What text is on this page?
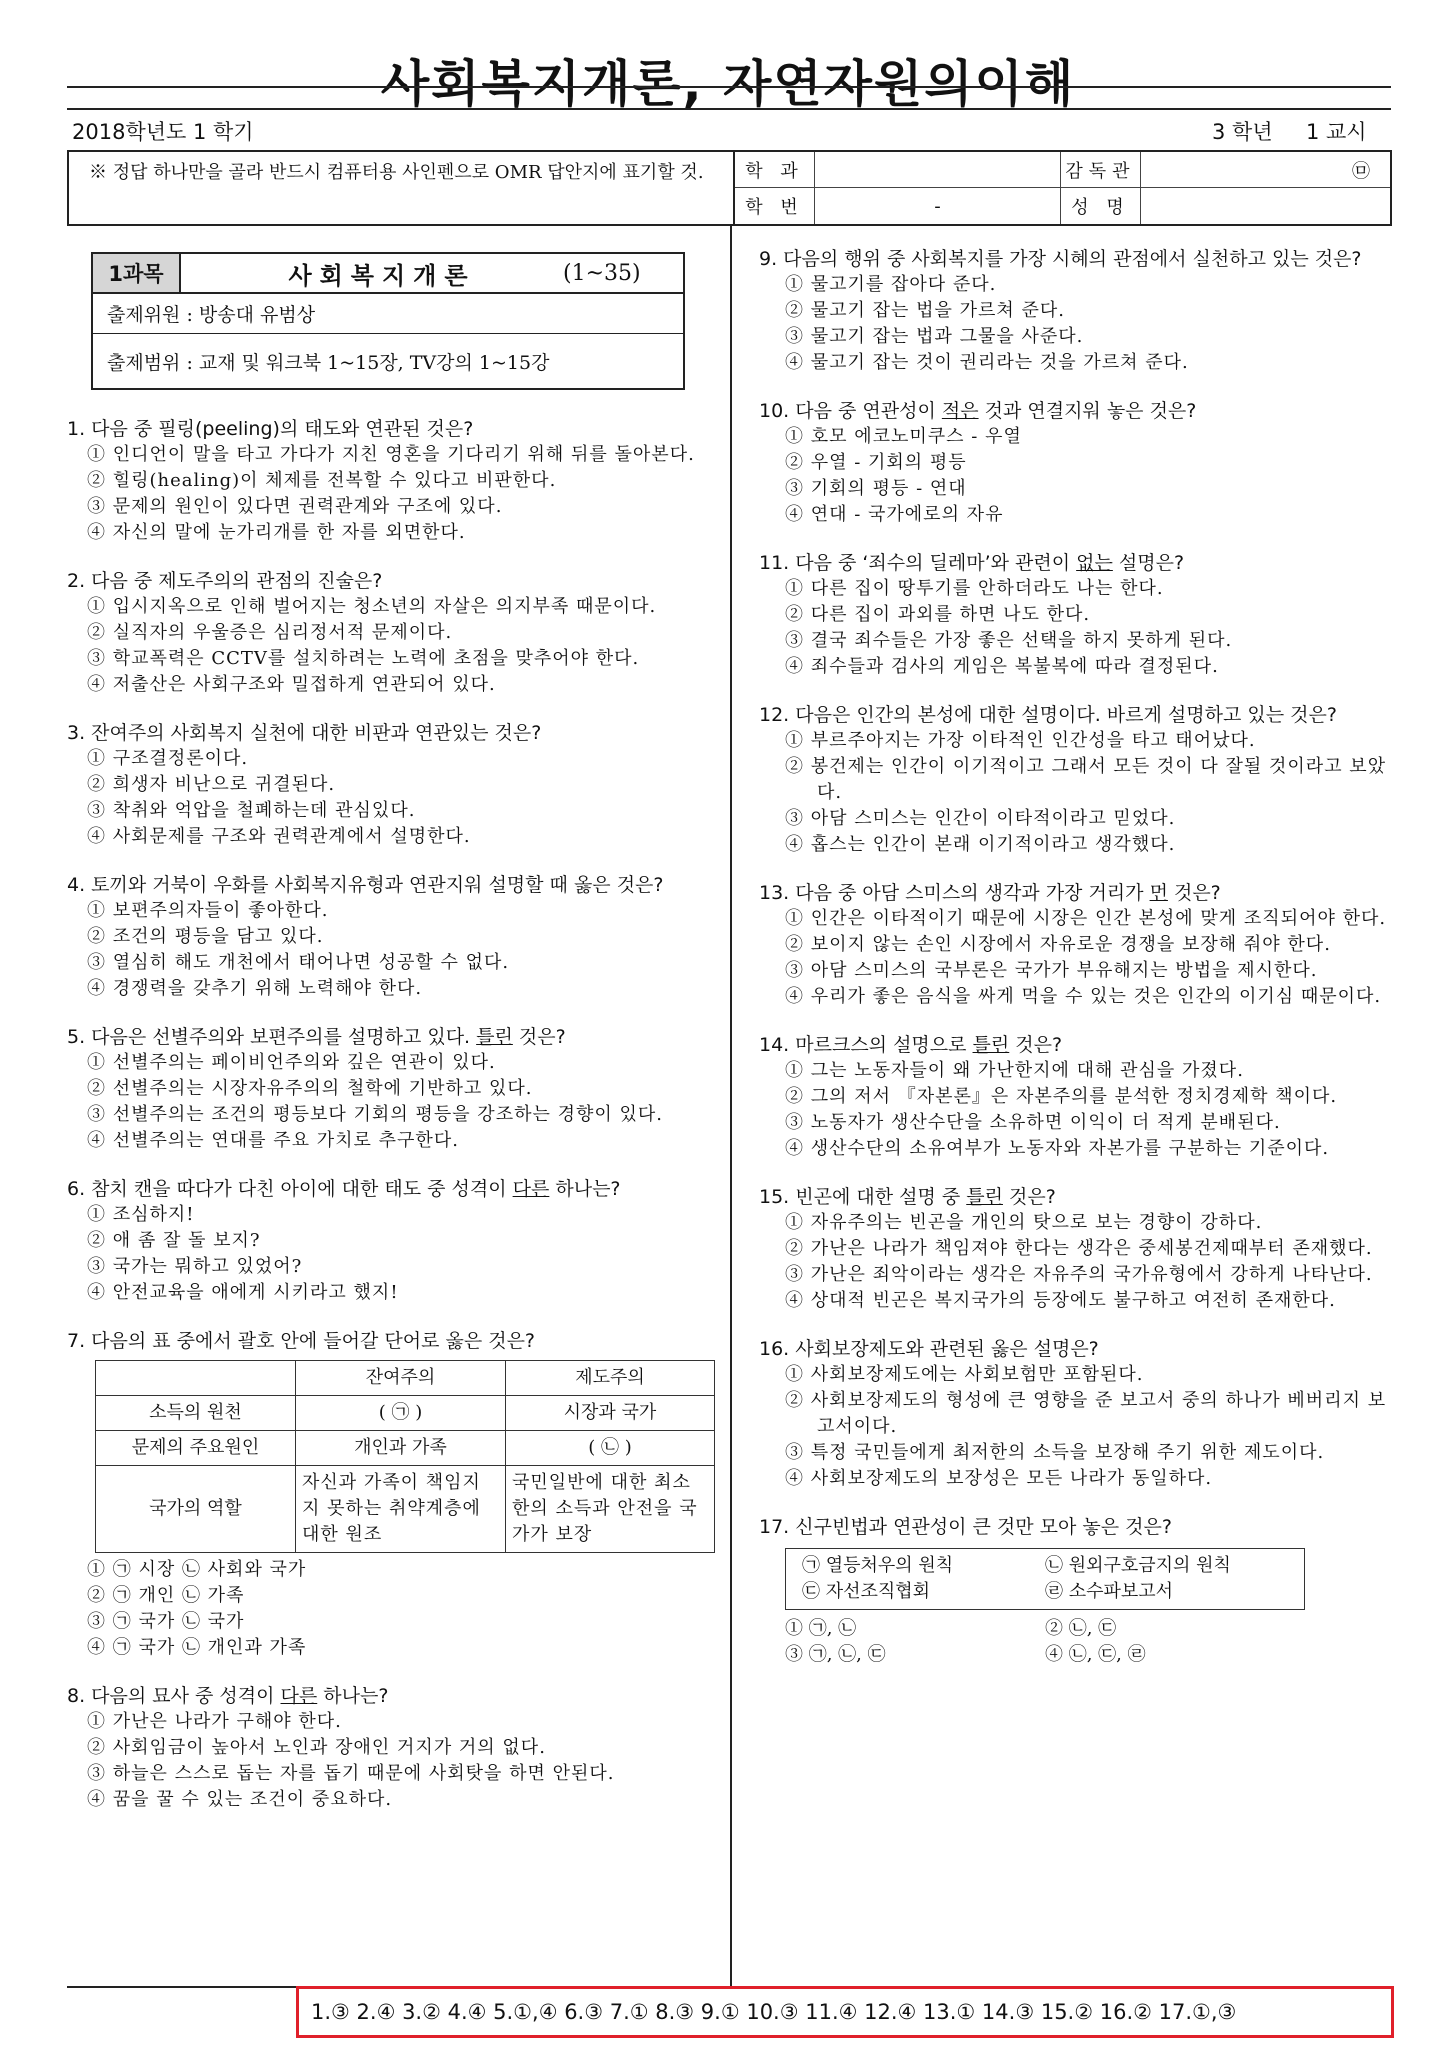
사회복지개론, 자연자원의이해
2018학년도 1 학기	3 학년     1 교시
※ 정답 하나만을 골라 반드시 컴퓨터용 사인펜으로 OMR 답안지에 표기할 것.	학 과	감독관	㉤
학 번	-	성 명
1과목	사회복지개론	(1~35)
출제위원 : 방송대 유범상
출제범위 : 교재 및 워크북 1~15장, TV강의 1~15강
1. 다음 중 필링(peeling)의 태도와 연관된 것은?
① 인디언이 말을 타고 가다가 지친 영혼을 기다리기 위해 뒤를 돌아본다.
② 힐링(healing)이 체제를 전복할 수 있다고 비판한다.
③ 문제의 원인이 있다면 권력관계와 구조에 있다.
④ 자신의 말에 눈가리개를 한 자를 외면한다.
2. 다음 중 제도주의의 관점의 진술은?
① 입시지옥으로 인해 벌어지는 청소년의 자살은 의지부족 때문이다.
② 실직자의 우울증은 심리정서적 문제이다.
③ 학교폭력은 CCTV를 설치하려는 노력에 초점을 맞추어야 한다.
④ 저출산은 사회구조와 밀접하게 연관되어 있다.
3. 잔여주의 사회복지 실천에 대한 비판과 연관있는 것은?
① 구조결정론이다.
② 희생자 비난으로 귀결된다.
③ 착취와 억압을 철폐하는데 관심있다.
④ 사회문제를 구조와 권력관계에서 설명한다.
4. 토끼와 거북이 우화를 사회복지유형과 연관지워 설명할 때 옳은 것은?
① 보편주의자들이 좋아한다.
② 조건의 평등을 담고 있다.
③ 열심히 해도 개천에서 태어나면 성공할 수 없다.
④ 경쟁력을 갖추기 위해 노력해야 한다.
5. 다음은 선별주의와 보편주의를 설명하고 있다. 틀린 것은?
① 선별주의는 페이비언주의와 깊은 연관이 있다.
② 선별주의는 시장자유주의의 철학에 기반하고 있다.
③ 선별주의는 조건의 평등보다 기회의 평등을 강조하는 경향이 있다.
④ 선별주의는 연대를 주요 가치로 추구한다.
6. 참치 캔을 따다가 다친 아이에 대한 태도 중 성격이 다른 하나는?
① 조심하지!
② 애 좀 잘 돌 보지?
③ 국가는 뭐하고 있었어?
④ 안전교육을 애에게 시키라고 했지!
7. 다음의 표 중에서 괄호 안에 들어갈 단어로 옳은 것은?
	잔여주의	제도주의
소득의 원천	( ㉠ )	시장과 국가
문제의 주요원인	개인과 가족	( ㉡ )
국가의 역할	자신과 가족이 책임지지 못하는 취약계층에 대한 원조	국민일반에 대한 최소한의 소득과 안전을 국가가 보장
① ㉠ 시장 ㉡ 사회와 국가
② ㉠ 개인 ㉡ 가족
③ ㉠ 국가 ㉡ 국가
④ ㉠ 국가 ㉡ 개인과 가족
8. 다음의 묘사 중 성격이 다른 하나는?
① 가난은 나라가 구해야 한다.
② 사회임금이 높아서 노인과 장애인 거지가 거의 없다.
③ 하늘은 스스로 돕는 자를 돕기 때문에 사회탓을 하면 안된다.
④ 꿈을 꿀 수 있는 조건이 중요하다.
9. 다음의 행위 중 사회복지를 가장 시혜의 관점에서 실천하고 있는 것은?
① 물고기를 잡아다 준다.
② 물고기 잡는 법을 가르쳐 준다.
③ 물고기 잡는 법과 그물을 사준다.
④ 물고기 잡는 것이 권리라는 것을 가르쳐 준다.
10. 다음 중 연관성이 적은 것과 연결지워 놓은 것은?
① 호모 에코노미쿠스 - 우열
② 우열 - 기회의 평등
③ 기회의 평등 - 연대
④ 연대 - 국가에로의 자유
11. 다음 중 ‘죄수의 딜레마’와 관련이 없는 설명은?
① 다른 집이 땅투기를 안하더라도 나는 한다.
② 다른 집이 과외를 하면 나도 한다.
③ 결국 죄수들은 가장 좋은 선택을 하지 못하게 된다.
④ 죄수들과 검사의 게임은 복불복에 따라 결정된다.
12. 다음은 인간의 본성에 대한 설명이다. 바르게 설명하고 있는 것은?
① 부르주아지는 가장 이타적인 인간성을 타고 태어났다.
② 봉건제는 인간이 이기적이고 그래서 모든 것이 다 잘될 것이라고 보았다.
③ 아담 스미스는 인간이 이타적이라고 믿었다.
④ 홉스는 인간이 본래 이기적이라고 생각했다.
13. 다음 중 아담 스미스의 생각과 가장 거리가 먼 것은?
① 인간은 이타적이기 때문에 시장은 인간 본성에 맞게 조직되어야 한다.
② 보이지 않는 손인 시장에서 자유로운 경쟁을 보장해 줘야 한다.
③ 아담 스미스의 국부론은 국가가 부유해지는 방법을 제시한다.
④ 우리가 좋은 음식을 싸게 먹을 수 있는 것은 인간의 이기심 때문이다.
14. 마르크스의 설명으로 틀린 것은?
① 그는 노동자들이 왜 가난한지에 대해 관심을 가졌다.
② 그의 저서 『자본론』은 자본주의를 분석한 정치경제학 책이다.
③ 노동자가 생산수단을 소유하면 이익이 더 적게 분배된다.
④ 생산수단의 소유여부가 노동자와 자본가를 구분하는 기준이다.
15. 빈곤에 대한 설명 중 틀린 것은?
① 자유주의는 빈곤을 개인의 탓으로 보는 경향이 강하다.
② 가난은 나라가 책임져야 한다는 생각은 중세봉건제때부터 존재했다.
③ 가난은 죄악이라는 생각은 자유주의 국가유형에서 강하게 나타난다.
④ 상대적 빈곤은 복지국가의 등장에도 불구하고 여전히 존재한다.
16. 사회보장제도와 관련된 옳은 설명은?
① 사회보장제도에는 사회보험만 포함된다.
② 사회보장제도의 형성에 큰 영향을 준 보고서 중의 하나가 베버리지 보고서이다.
③ 특정 국민들에게 최저한의 소득을 보장해 주기 위한 제도이다.
④ 사회보장제도의 보장성은 모든 나라가 동일하다.
17. 신구빈법과 연관성이 큰 것만 모아 놓은 것은?
㉠ 열등처우의 원칙	㉡ 원외구호금지의 원칙
㉢ 자선조직협회	㉣ 소수파보고서
① ㉠, ㉡	② ㉡, ㉢
③ ㉠, ㉡, ㉢	④ ㉡, ㉢, ㉣
1.③ 2.④ 3.② 4.④ 5.①,④ 6.③ 7.① 8.③ 9.① 10.③ 11.④ 12.④ 13.① 14.③ 15.② 16.② 17.①,③
